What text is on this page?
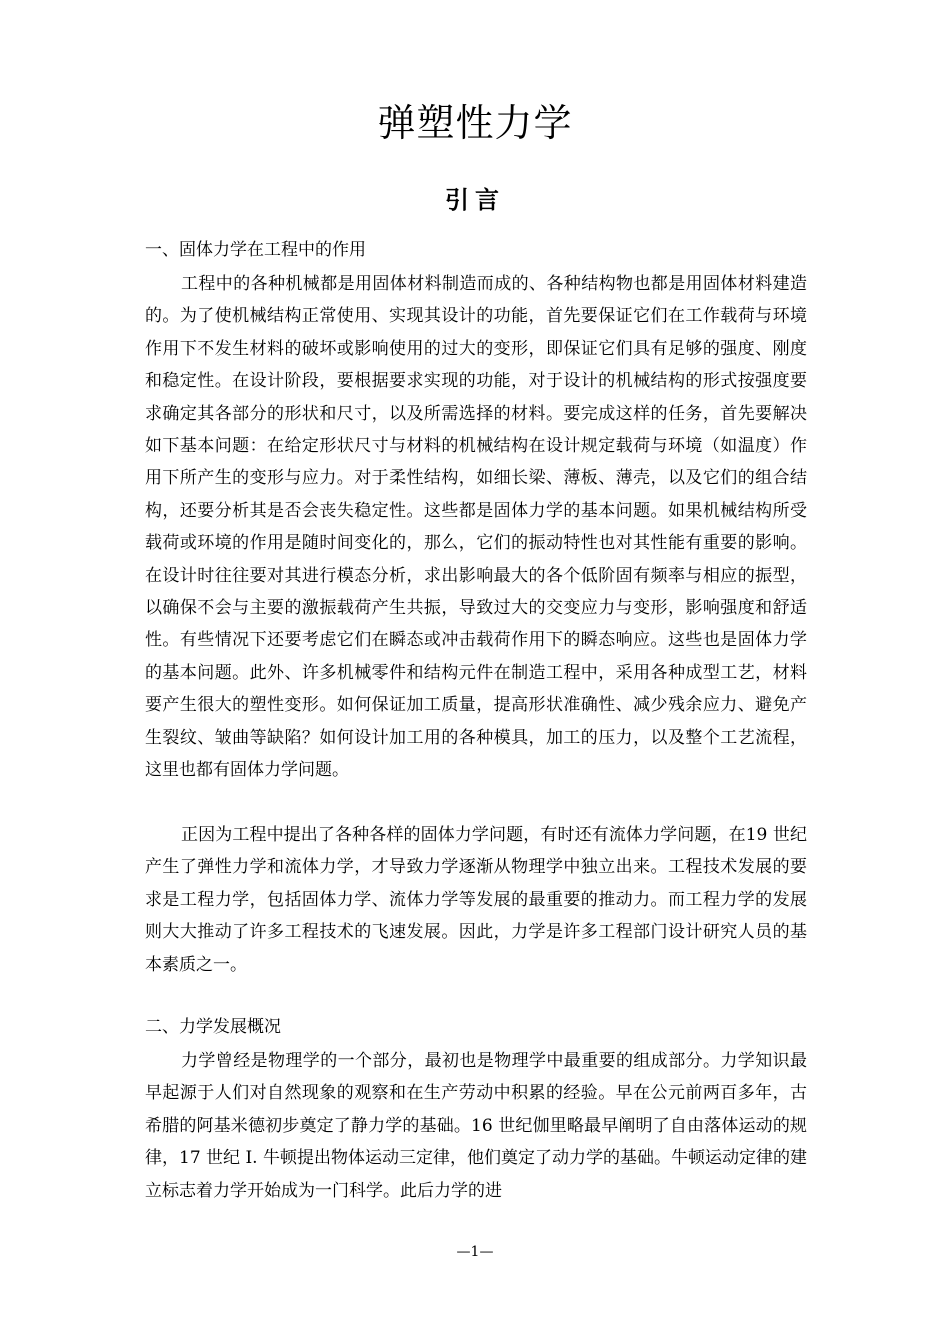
弹塑性力学
引言
一、固体力学在工程中的作用

工程中的各种机械都是用固体材料制造而成的、各种结构物也都是用固体材料建造的。为了使机械结构正常使用、实现其设计的功能，首先要保证它们在工作载荷与环境作用下不发生材料的破坏或影响使用的过大的变形，即保证它们具有足够的强度、刚度和稳定性。在设计阶段，要根据要求实现的功能，对于设计的机械结构的形式按强度要求确定其各部分的形状和尺寸，以及所需选择的材料。要完成这样的任务，首先要解决如下基本问题：在给定形状尺寸与材料的机械结构在设计规定载荷与环境（如温度）作用下所产生的变形与应力。对于柔性结构，如细长梁、薄板、薄壳，以及它们的组合结构，还要分析其是否会丧失稳定性。这些都是固体力学的基本问题。如果机械结构所受载荷或环境的作用是随时间变化的，那么，它们的振动特性也对其性能有重要的影响。在设计时往往要对其进行模态分析，求出影响最大的各个低阶固有频率与相应的振型，以确保不会与主要的激振载荷产生共振，导致过大的交变应力与变形，影响强度和舒适性。有些情况下还要考虑它们在瞬态或冲击载荷作用下的瞬态响应。这些也是固体力学的基本问题。此外、许多机械零件和结构元件在制造工程中，采用各种成型工艺，材料要产生很大的塑性变形。如何保证加工质量，提高形状准确性、减少残余应力、避免产生裂纹、皱曲等缺陷？如何设计加工用的各种模具，加工的压力，以及整个工艺流程，这里也都有固体力学问题。

正因为工程中提出了各种各样的固体力学问题，有时还有流体力学问题，在19 世纪产生了弹性力学和流体力学，才导致力学逐渐从物理学中独立出来。工程技术发展的要求是工程力学，包括固体力学、流体力学等发展的最重要的推动力。而工程力学的发展则大大推动了许多工程技术的飞速发展。因此，力学是许多工程部门设计研究人员的基本素质之一。

二、力学发展概况

力学曾经是物理学的一个部分，最初也是物理学中最重要的组成部分。力学知识最早起源于人们对自然现象的观察和在生产劳动中积累的经验。早在公元前两百多年，古希腊的阿基米德初步奠定了静力学的基础。16 世纪伽里略最早阐明了自由落体运动的规律，17 世纪 I. 牛顿提出物体运动三定律，他们奠定了动力学的基础。牛顿运动定律的建立标志着力学开始成为一门科学。此后力学的进

—1—
